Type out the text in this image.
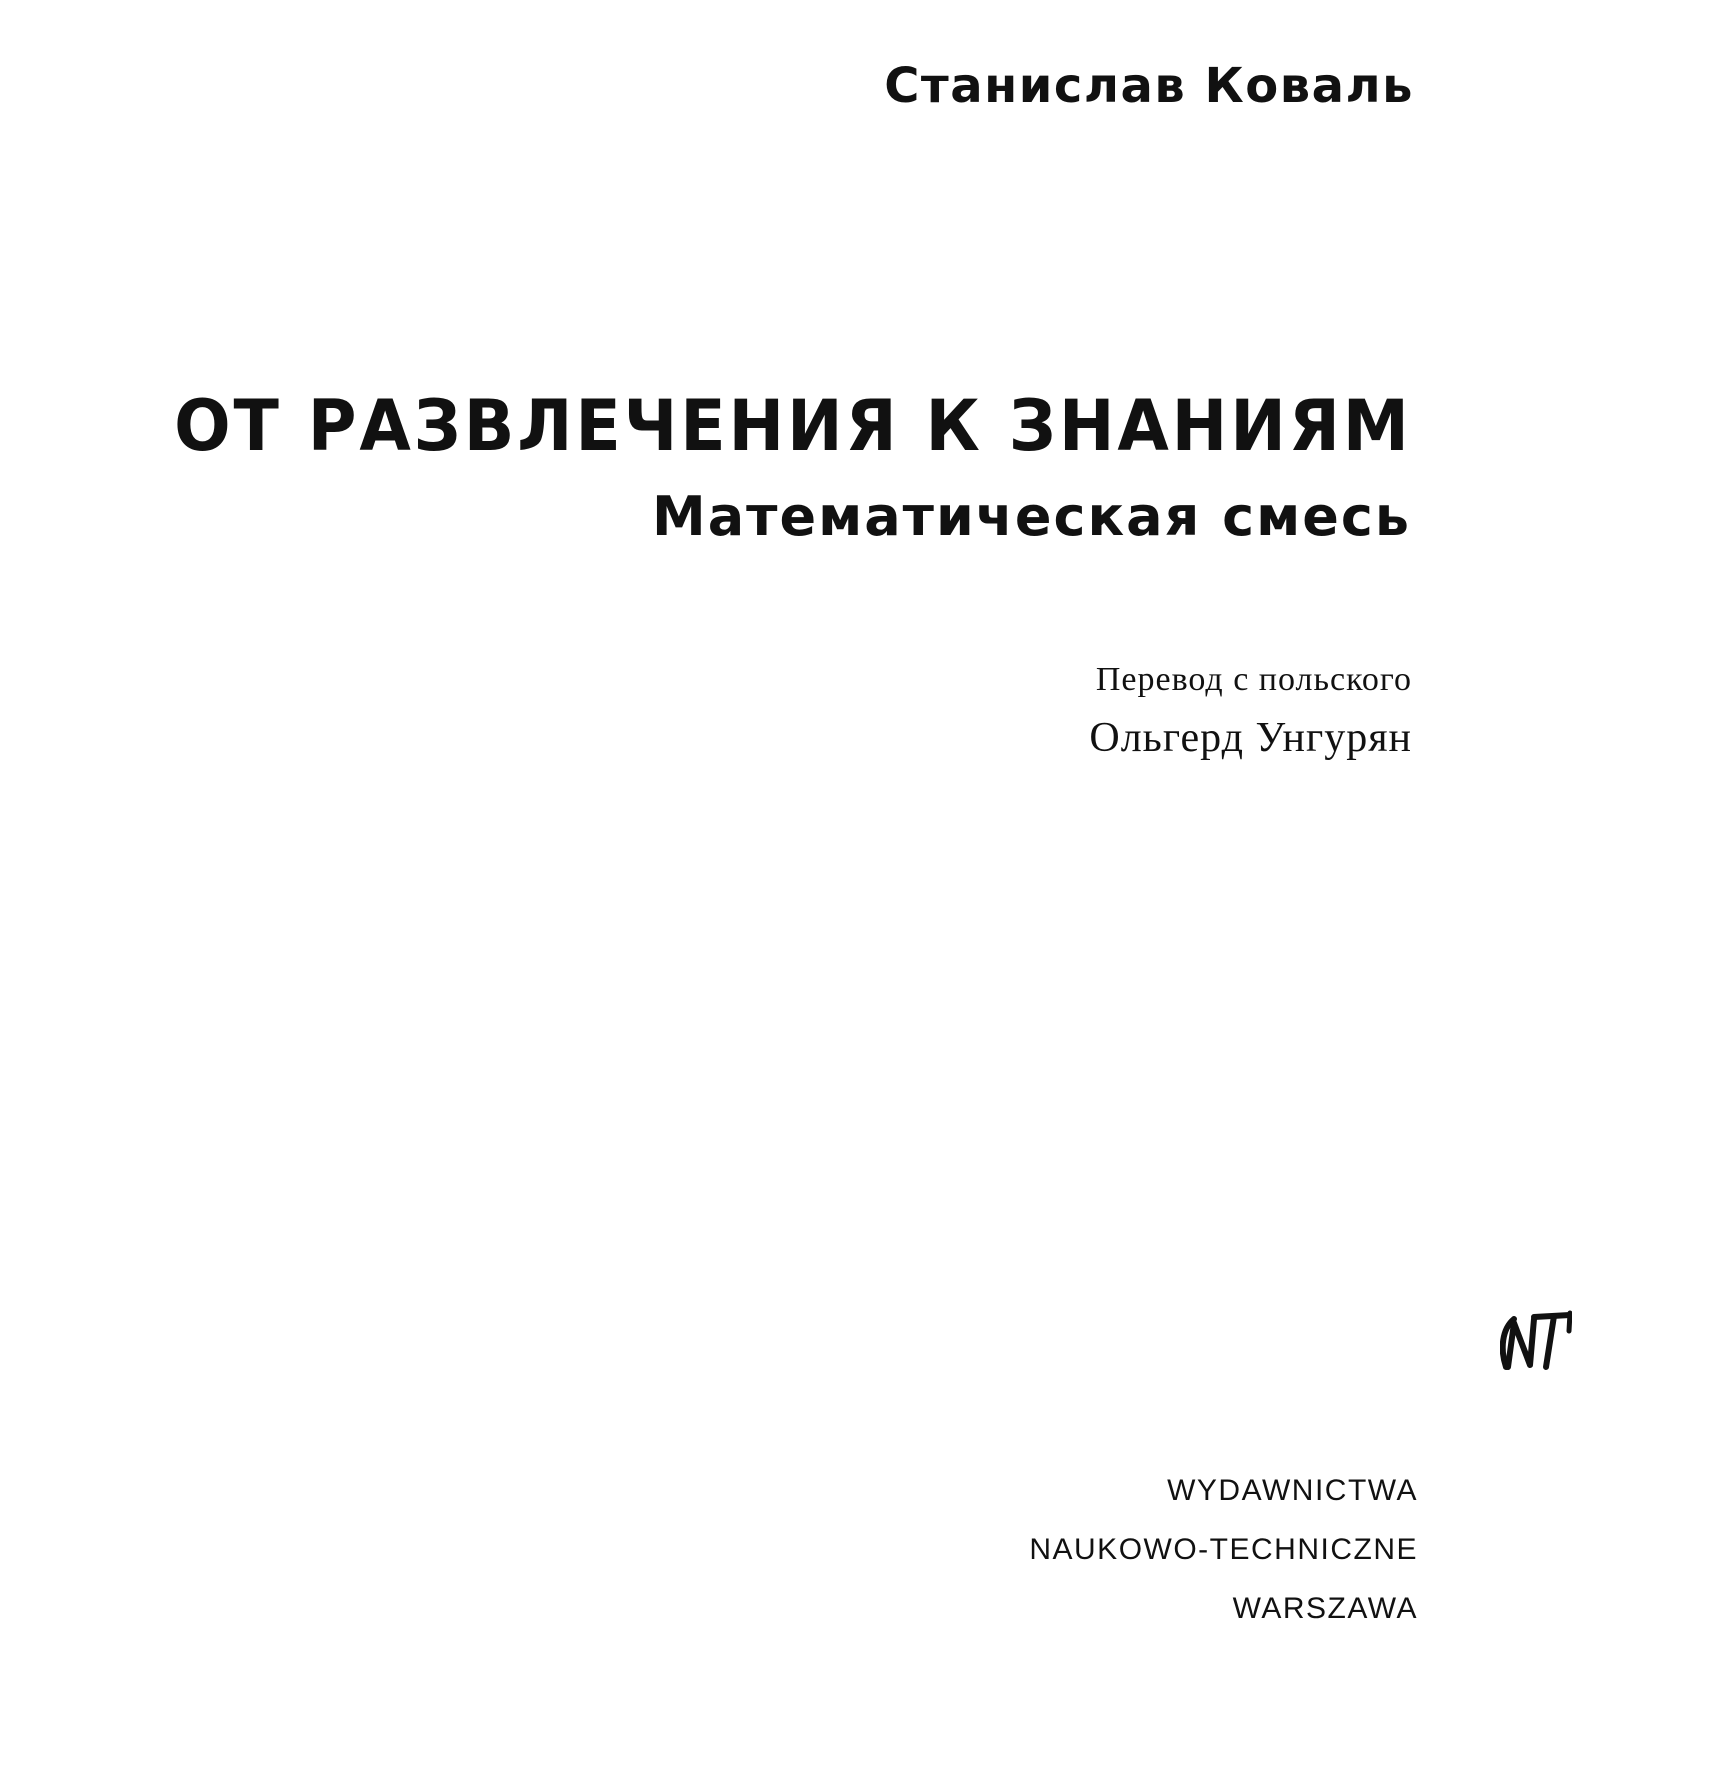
Станислав Коваль
ОТ РАЗВЛЕЧЕНИЯ К ЗНАНИЯМ
Математическая смесь
Перевод с польского
Ольгерд Унгурян
WYDAWNICTWA
NAUKOWO-TECHNICZNE
WARSZAWA
